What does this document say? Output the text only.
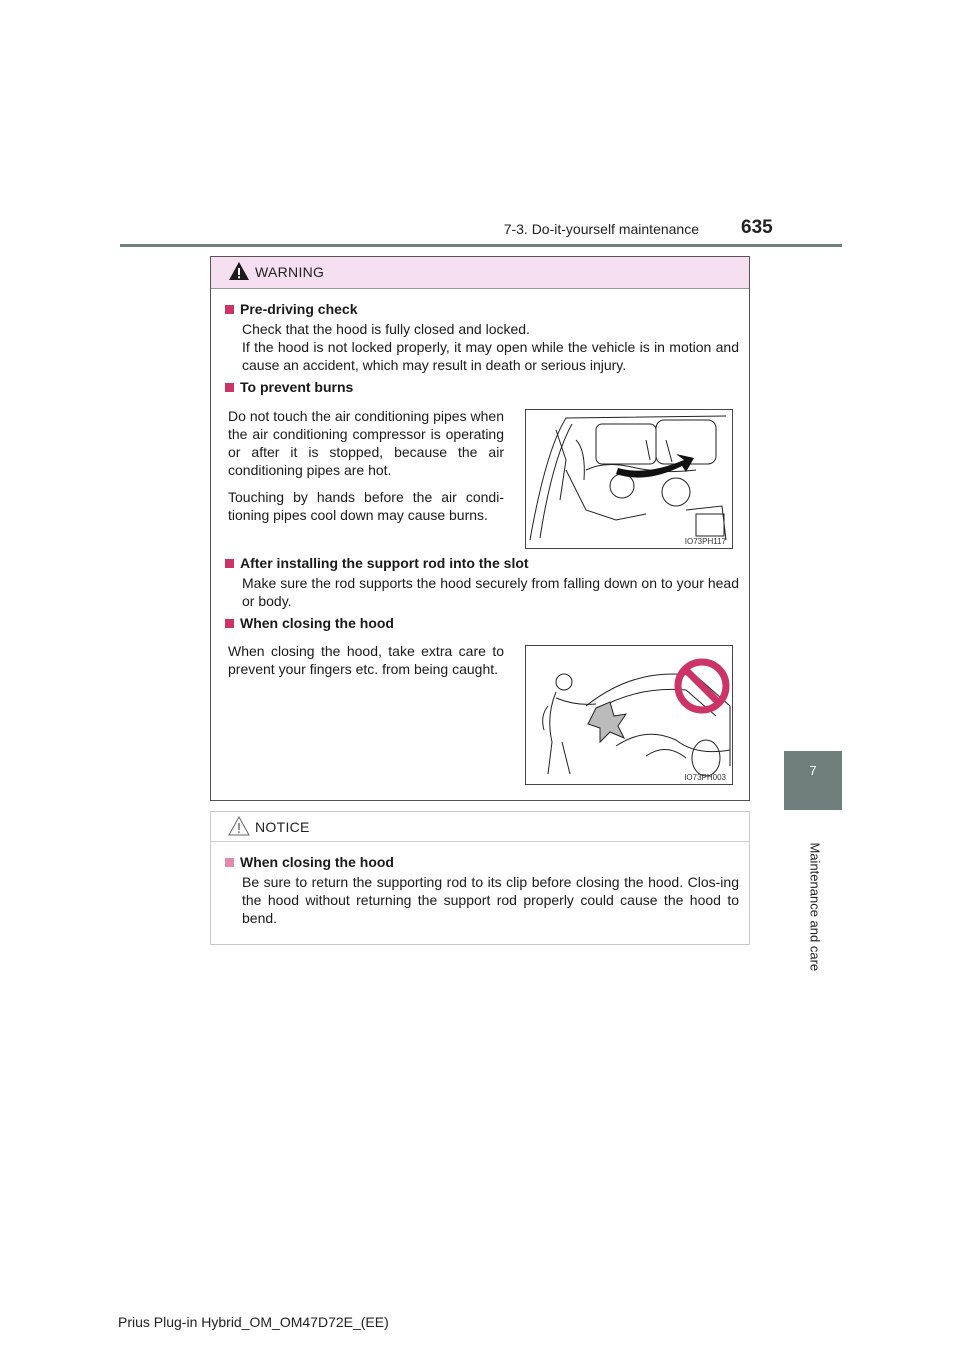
7-3. Do-it-yourself maintenance 635
7
Maintenance and care
WARNING
Pre-driving check
Check that the hood is fully closed and locked.
If the hood is not locked properly, it may open while the vehicle is in motion and cause an accident, which may result in death or serious injury.
To prevent burns

Do not touch the air conditioning pipes when the air conditioning compressor is operating or after it is stopped, because the air conditioning pipes are hot.

Touching by hands before the air condi-tioning pipes cool down may cause burns.

IO73PH117
After installing the support rod into the slot
Make sure the rod supports the hood securely from falling down on to your head or body.
When closing the hood

When closing the hood, take extra care to prevent your fingers etc. from being caught.

IO73PH003
NOTICE
When closing the hood
Be sure to return the supporting rod to its clip before closing the hood. Clos-ing the hood without returning the support rod properly could cause the hood to bend.
Prius Plug-in Hybrid_OM_OM47D72E_(EE)
